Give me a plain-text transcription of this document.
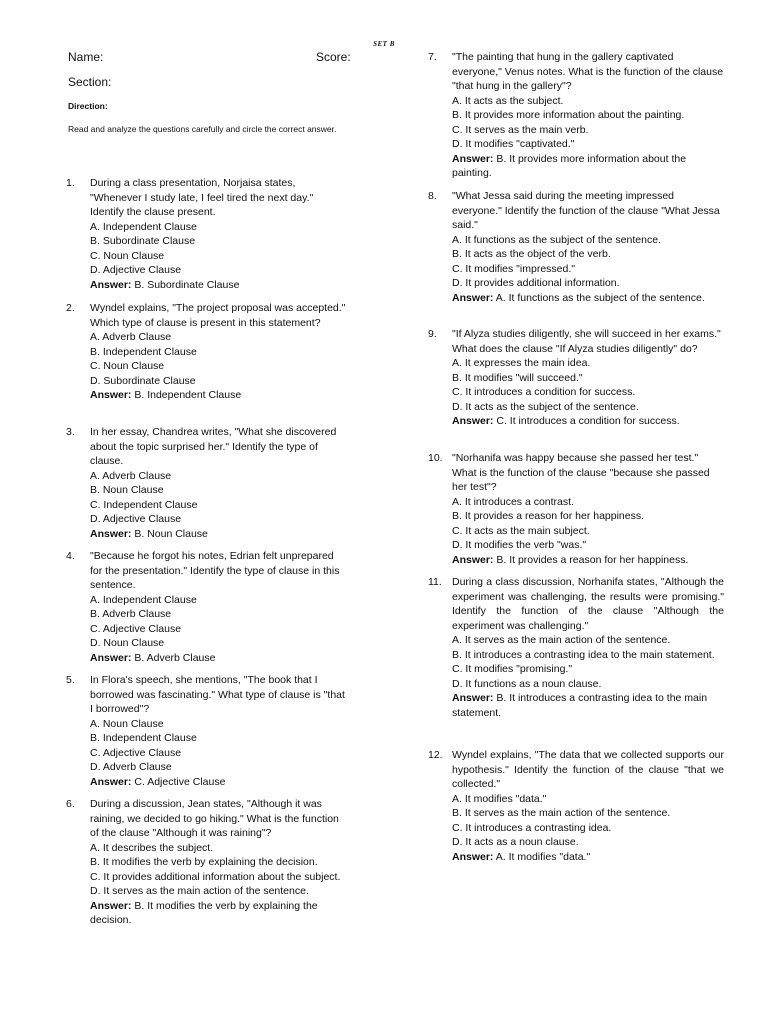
SET B
Name:	Score:
Section:
Direction:
Read and analyze the questions carefully and circle the correct answer.
1. During a class presentation, Norjaisa states, "Whenever I study late, I feel tired the next day." Identify the clause present.
A. Independent Clause
B. Subordinate Clause
C. Noun Clause
D. Adjective Clause
Answer: B. Subordinate Clause
2. Wyndel explains, "The project proposal was accepted." Which type of clause is present in this statement?
A. Adverb Clause
B. Independent Clause
C. Noun Clause
D. Subordinate Clause
Answer: B. Independent Clause
3. In her essay, Chandrea writes, "What she discovered about the topic surprised her." Identify the type of clause.
A. Adverb Clause
B. Noun Clause
C. Independent Clause
D. Adjective Clause
Answer: B. Noun Clause
4. "Because he forgot his notes, Edrian felt unprepared for the presentation." Identify the type of clause in this sentence.
A. Independent Clause
B. Adverb Clause
C. Adjective Clause
D. Noun Clause
Answer: B. Adverb Clause
5. In Flora's speech, she mentions, "The book that I borrowed was fascinating." What type of clause is "that I borrowed"?
A. Noun Clause
B. Independent Clause
C. Adjective Clause
D. Adverb Clause
Answer: C. Adjective Clause
6. During a discussion, Jean states, "Although it was raining, we decided to go hiking." What is the function of the clause "Although it was raining"?
A. It describes the subject.
B. It modifies the verb by explaining the decision.
C. It provides additional information about the subject.
D. It serves as the main action of the sentence.
Answer: B. It modifies the verb by explaining the decision.
7. "The painting that hung in the gallery captivated everyone," Venus notes. What is the function of the clause "that hung in the gallery"?
A. It acts as the subject.
B. It provides more information about the painting.
C. It serves as the main verb.
D. It modifies "captivated."
Answer: B. It provides more information about the painting.
8. "What Jessa said during the meeting impressed everyone." Identify the function of the clause "What Jessa said."
A. It functions as the subject of the sentence.
B. It acts as the object of the verb.
C. It modifies "impressed."
D. It provides additional information.
Answer: A. It functions as the subject of the sentence.
9. "If Alyza studies diligently, she will succeed in her exams." What does the clause "If Alyza studies diligently" do?
A. It expresses the main idea.
B. It modifies "will succeed."
C. It introduces a condition for success.
D. It acts as the subject of the sentence.
Answer: C. It introduces a condition for success.
10. "Norhanifa was happy because she passed her test." What is the function of the clause "because she passed her test"?
A. It introduces a contrast.
B. It provides a reason for her happiness.
C. It acts as the main subject.
D. It modifies the verb "was."
Answer: B. It provides a reason for her happiness.
11. During a class discussion, Norhanifa states, "Although the experiment was challenging, the results were promising." Identify the function of the clause "Although the experiment was challenging."
A. It serves as the main action of the sentence.
B. It introduces a contrasting idea to the main statement.
C. It modifies "promising."
D. It functions as a noun clause.
Answer: B. It introduces a contrasting idea to the main statement.
12. Wyndel explains, "The data that we collected supports our hypothesis." Identify the function of the clause "that we collected."
A. It modifies "data."
B. It serves as the main action of the sentence.
C. It introduces a contrasting idea.
D. It acts as a noun clause.
Answer: A. It modifies "data."
